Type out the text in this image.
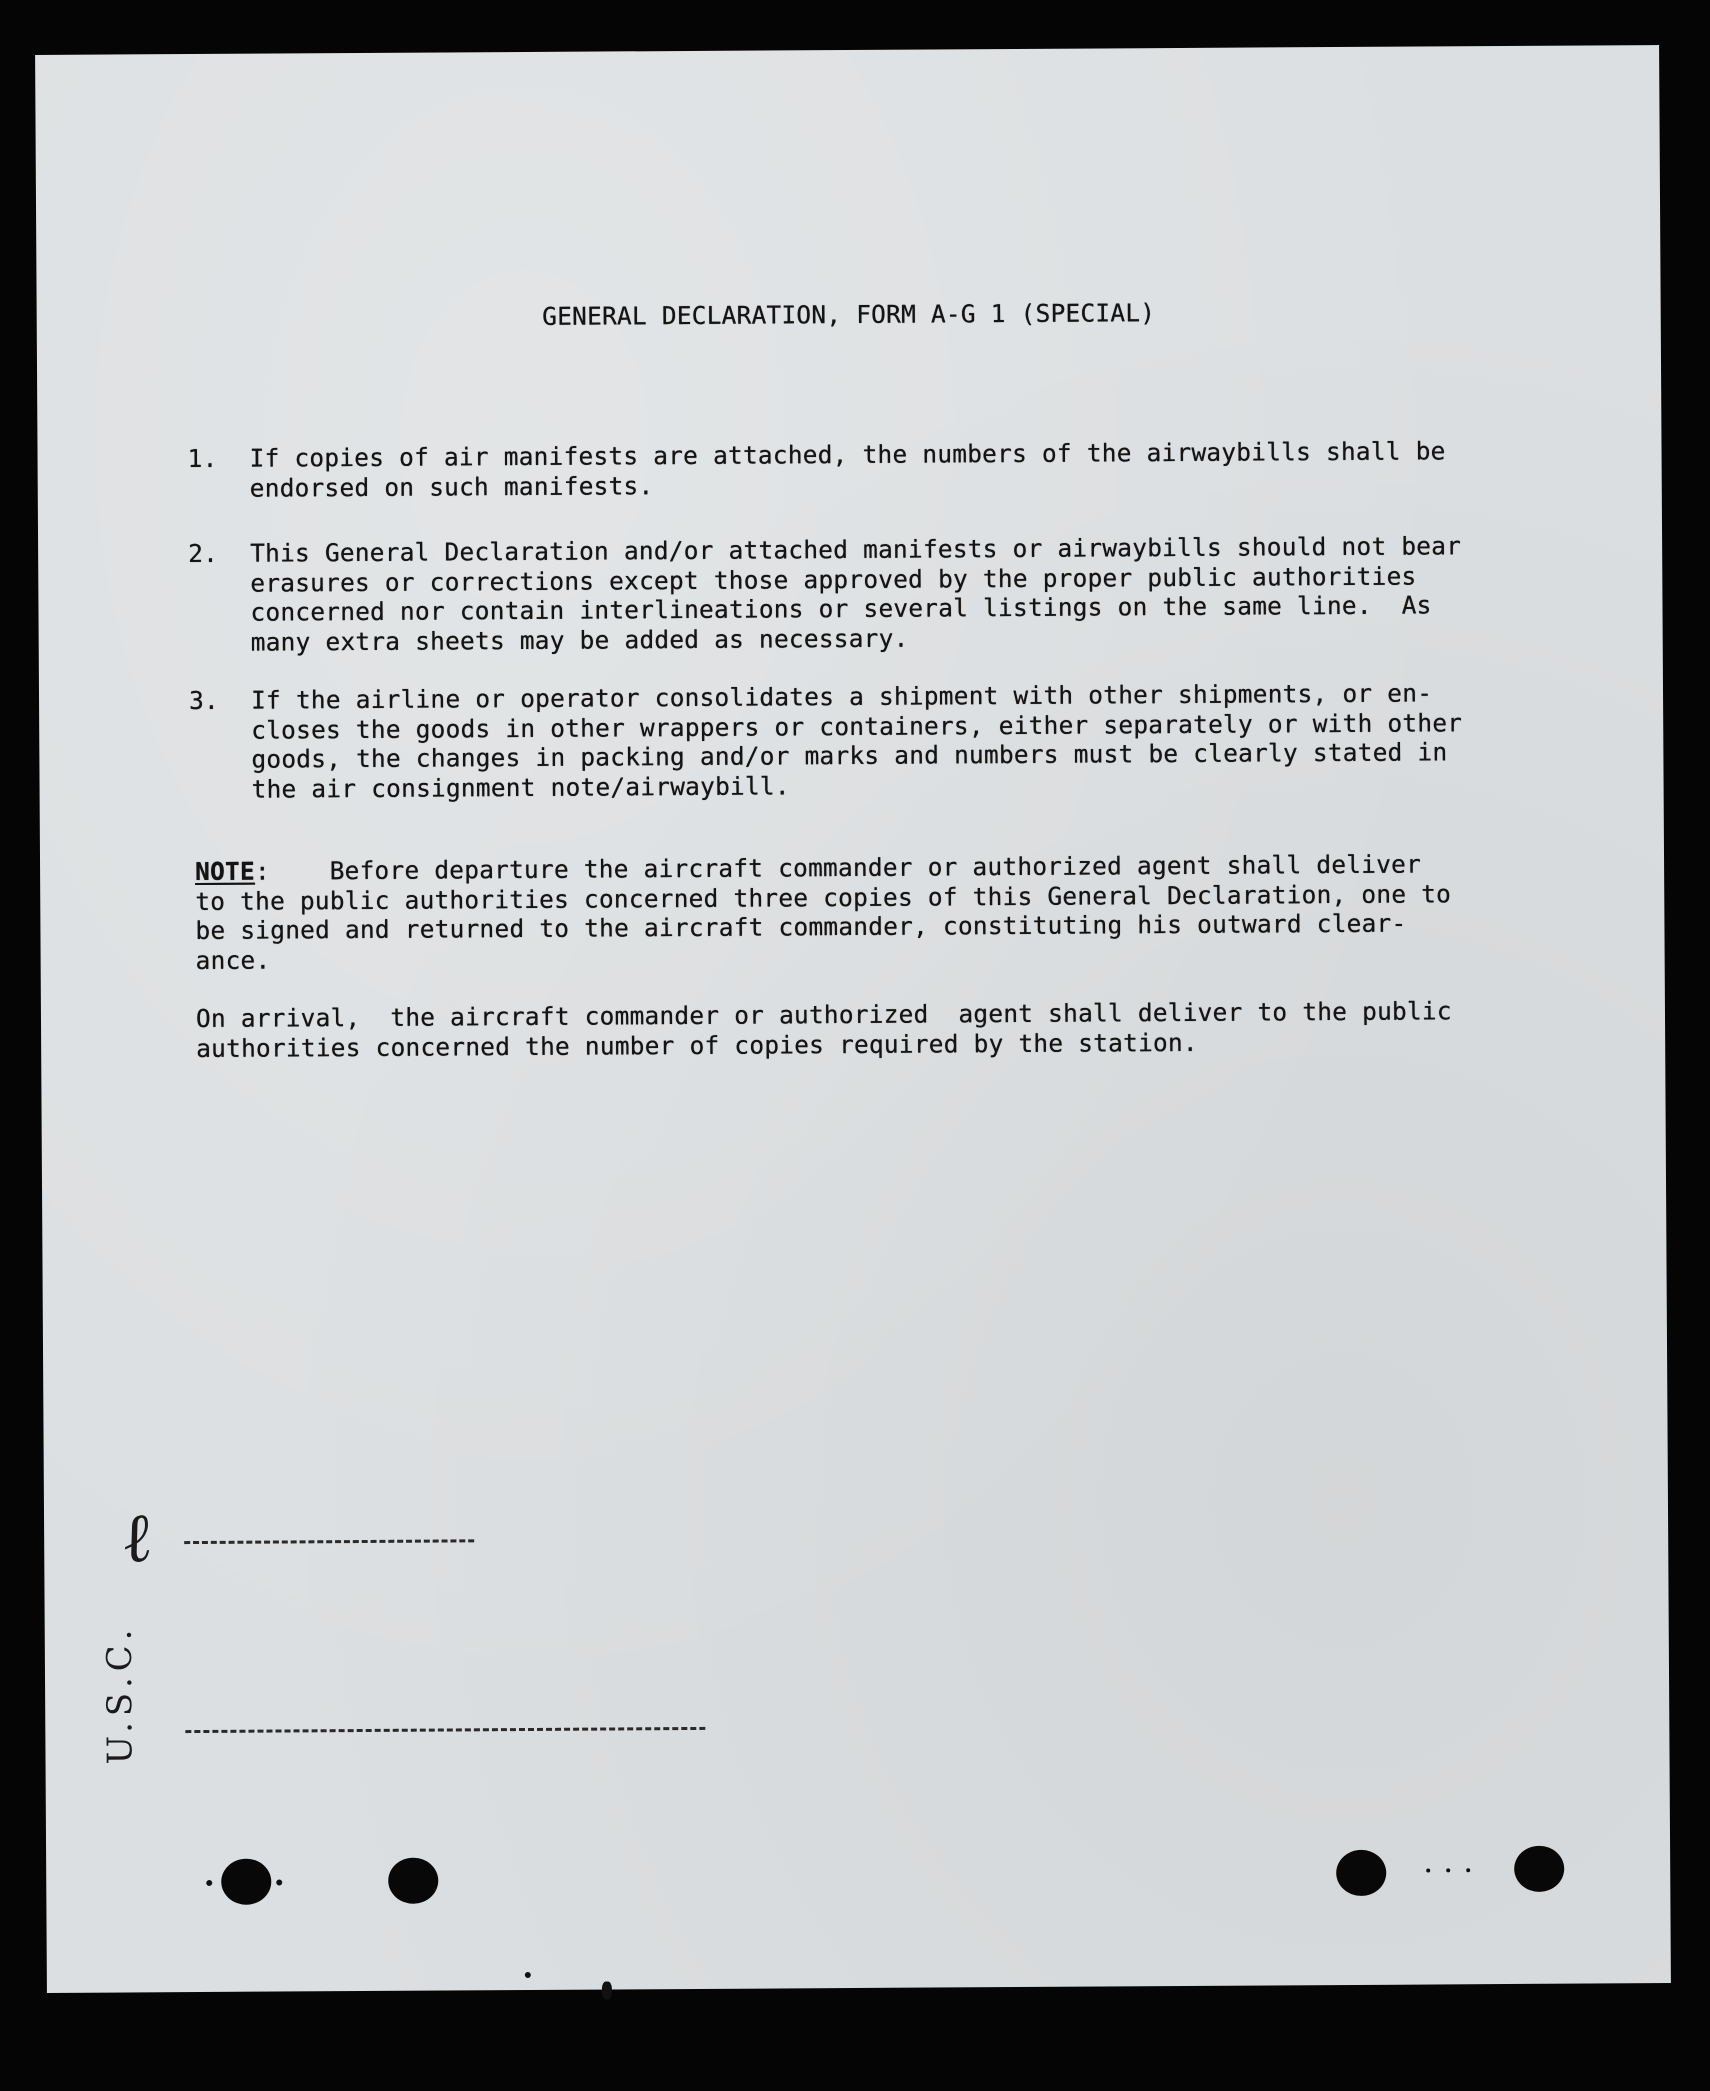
GENERAL DECLARATION, FORM A-G 1 (SPECIAL)
1.	If copies of air manifests are attached, the numbers of the airwaybills shall be
endorsed on such manifests.
2.	This General Declaration and/or attached manifests or airwaybills should not bear
erasures or corrections except those approved by the proper public authorities
concerned nor contain interlineations or several listings on the same line.  As
many extra sheets may be added as necessary.
3.	If the airline or operator consolidates a shipment with other shipments, or en-
closes the goods in other wrappers or containers, either separately or with other
goods, the changes in packing and/or marks and numbers must be clearly stated in
the air consignment note/airwaybill.
NOTE:    Before departure the aircraft commander or authorized agent shall deliver
to the public authorities concerned three copies of this General Declaration, one to
be signed and returned to the aircraft commander, constituting his outward clear-
ance.
On arrival,  the aircraft commander or authorized  agent shall deliver to the public
authorities concerned the number of copies required by the station.
ℓ
U.S.C.
